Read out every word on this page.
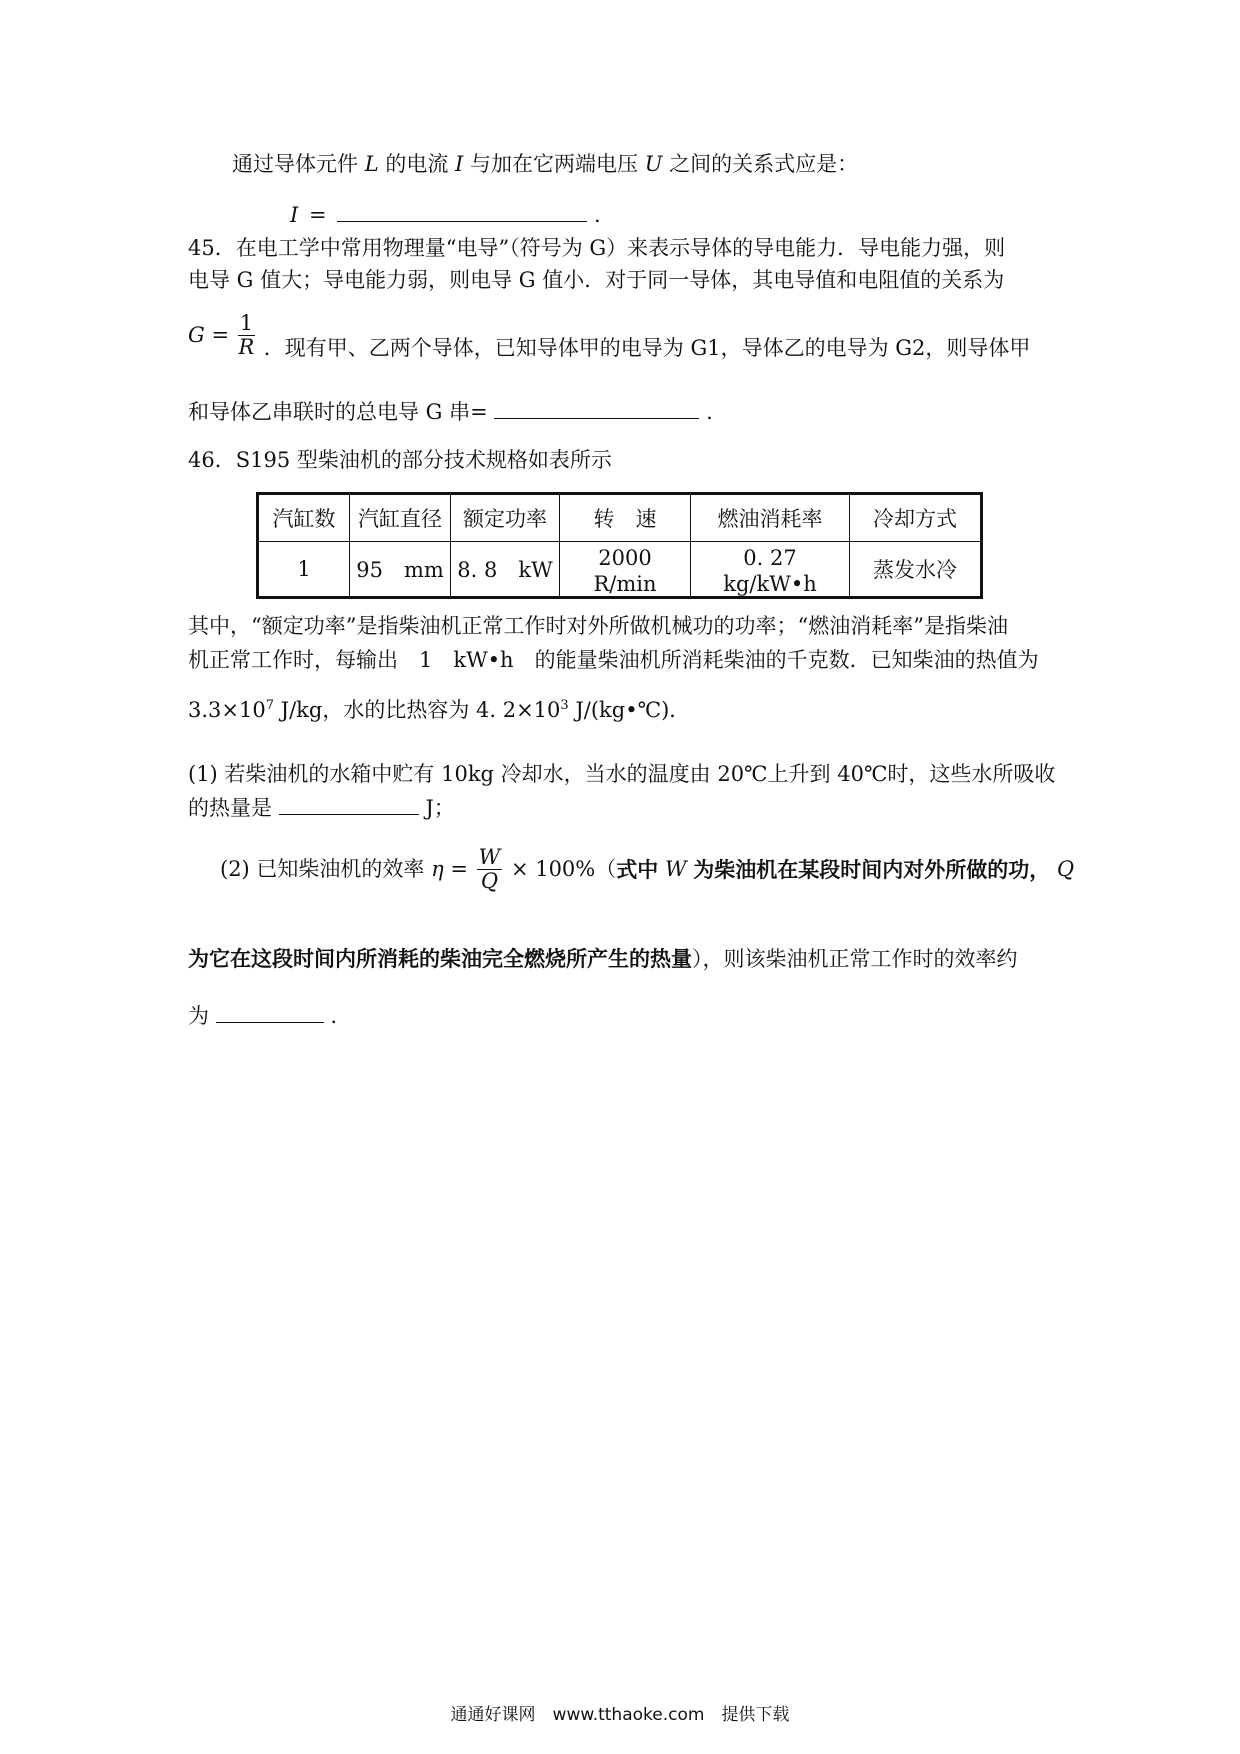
通过导体元件 L 的电流 I 与加在它两端电压 U 之间的关系式应是：
I =	.
45．在电工学中常用物理量“电导”（符号为 G）来表示导体的导电能力．导电能力强，则
电导 G 值大；导电能力弱，则电导 G 值小．对于同一导体，其电导值和电阻值的关系为
$G = \frac{1}{R}$ ．现有甲、乙两个导体，已知导体甲的电导为 G1，导体乙的电导为 G2，则导体甲
和导体乙串联时的总电导 G 串=	.
46．S195 型柴油机的部分技术规格如表所示
汽缸数	汽缸直径	额定功率	转　速	燃油消耗率	冷却方式
1	95　mm	8. 8　kW	2000　R/min	0. 27　kg/kW•h	蒸发水冷
其中，“额定功率”是指柴油机正常工作时对外所做机械功的功率；“燃油消耗率”是指柴油
机正常工作时，每输出　1　kW•h　的能量柴油机所消耗柴油的千克数．已知柴油的热值为
$3.3\times 10^7$ J/kg，水的比热容为 4. $2\times 10^3$ J/(kg•℃)．
(1) 若柴油机的水箱中贮有 10kg 冷却水，当水的温度由 20℃上升到 40℃时，这些水所吸收
的热量是	J；
(2) 已知柴油机的效率 $\eta = \frac{W}{Q} \times 100\%$（式中 W 为柴油机在某段时间内对外所做的功， Q
为它在这段时间内所消耗的柴油完全燃烧所产生的热量），则该柴油机正常工作时的效率约
为	.
通通好课网　www.tthaoke.com　提供下载
